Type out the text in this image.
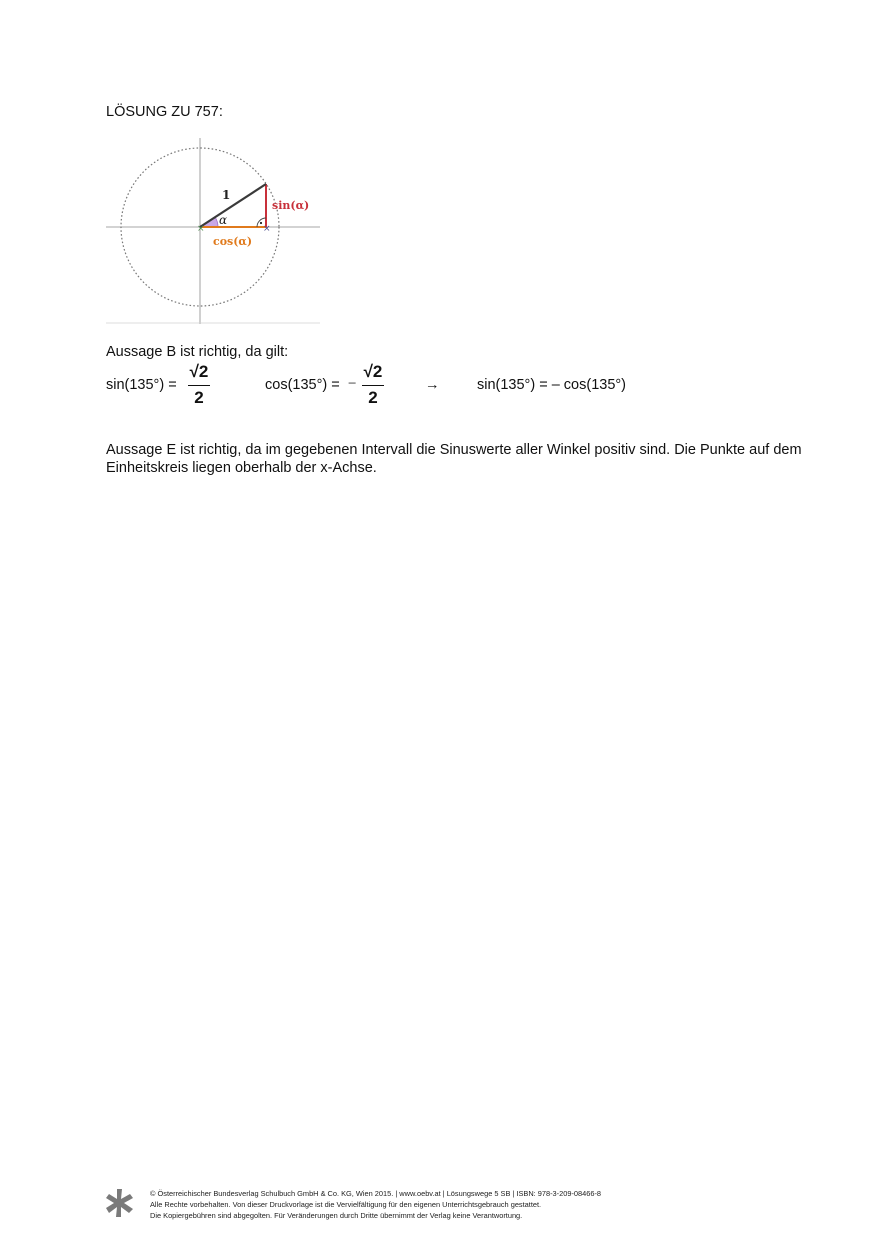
LÖSUNG ZU 757:
×	×
1
α
sin(α)
cos(α)
Aussage B ist richtig, da gilt:
sin(135°) =
√2
2
cos(135°) = −
√2
2
→	sin(135°) = – cos(135°)
Aussage E ist richtig, da im gegebenen Intervall die Sinuswerte aller Winkel positiv sind. Die Punkte auf dem Einheitskreis liegen oberhalb der x-Achse.
© Österreichischer Bundesverlag Schulbuch GmbH & Co. KG, Wien 2015. | www.oebv.at | Lösungswege 5 SB | ISBN: 978-3-209-08466-8
Alle Rechte vorbehalten. Von dieser Druckvorlage ist die Vervielfältigung für den eigenen Unterrichtsgebrauch gestattet.
Die Kopiergebühren sind abgegolten. Für Veränderungen durch Dritte übernimmt der Verlag keine Verantwortung.
